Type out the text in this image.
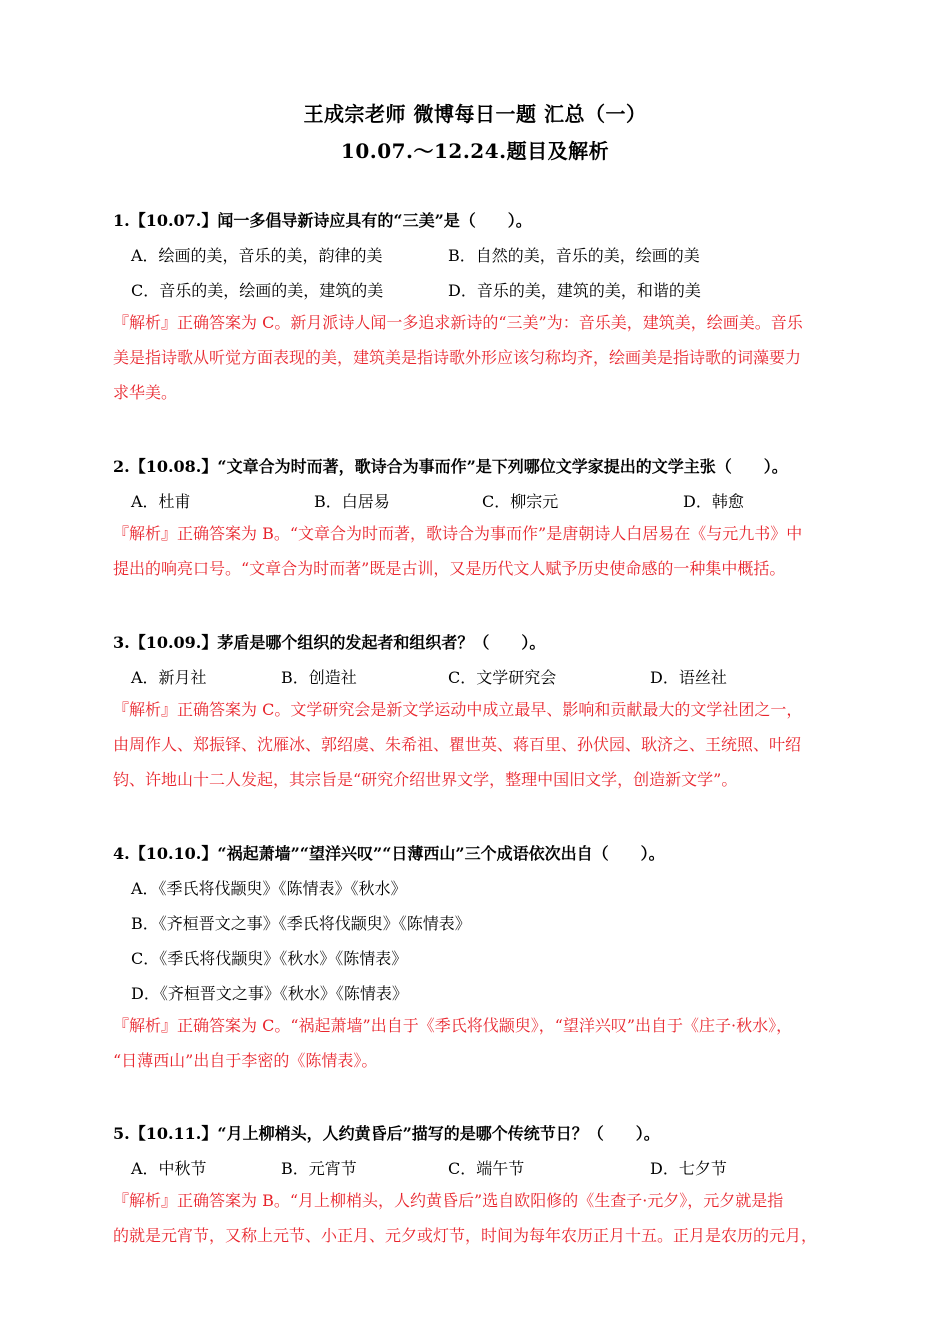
王成宗老师 微博每日一题 汇总（一）
10.07.～12.24.题目及解析
1.【10.07.】闻一多倡导新诗应具有的“三美”是（　　）。
A．绘画的美，音乐的美，韵律的美	B．自然的美，音乐的美，绘画的美
C．音乐的美，绘画的美，建筑的美	D．音乐的美，建筑的美，和谐的美
『解析』正确答案为 C。新月派诗人闻一多追求新诗的“三美”为：音乐美，建筑美，绘画美。音乐
美是指诗歌从听觉方面表现的美，建筑美是指诗歌外形应该匀称均齐，绘画美是指诗歌的词藻要力
求华美。
2.【10.08.】“文章合为时而著，歌诗合为事而作”是下列哪位文学家提出的文学主张（　　）。
A．杜甫	B．白居易	C．柳宗元	D．韩愈
『解析』正确答案为 B。“文章合为时而著，歌诗合为事而作”是唐朝诗人白居易在《与元九书》中
提出的响亮口号。“文章合为时而著”既是古训，又是历代文人赋予历史使命感的一种集中概括。
3.【10.09.】茅盾是哪个组织的发起者和组织者？（　　）。
A．新月社	B．创造社	C．文学研究会	D．语丝社
『解析』正确答案为 C。文学研究会是新文学运动中成立最早、影响和贡献最大的文学社团之一，
由周作人、郑振铎、沈雁冰、郭绍虞、朱希祖、瞿世英、蒋百里、孙伏园、耿济之、王统照、叶绍
钧、许地山十二人发起，其宗旨是“研究介绍世界文学，整理中国旧文学，创造新文学”。
4.【10.10.】“祸起萧墙”“望洋兴叹”“日薄西山”三个成语依次出自（　　）。
A．《季氏将伐颛臾》《陈情表》《秋水》
B．《齐桓晋文之事》《季氏将伐颛臾》《陈情表》
C．《季氏将伐颛臾》《秋水》《陈情表》
D．《齐桓晋文之事》《秋水》《陈情表》
『解析』正确答案为 C。“祸起萧墙”出自于《季氏将伐颛臾》，“望洋兴叹”出自于《庄子·秋水》，
“日薄西山”出自于李密的《陈情表》。
5.【10.11.】“月上柳梢头，人约黄昏后”描写的是哪个传统节日？（　　）。
A．中秋节	B．元宵节	C．端午节	D．七夕节
『解析』正确答案为 B。“月上柳梢头，人约黄昏后”选自欧阳修的《生查子·元夕》，元夕就是指
的就是元宵节，又称上元节、小正月、元夕或灯节，时间为每年农历正月十五。正月是农历的元月，
